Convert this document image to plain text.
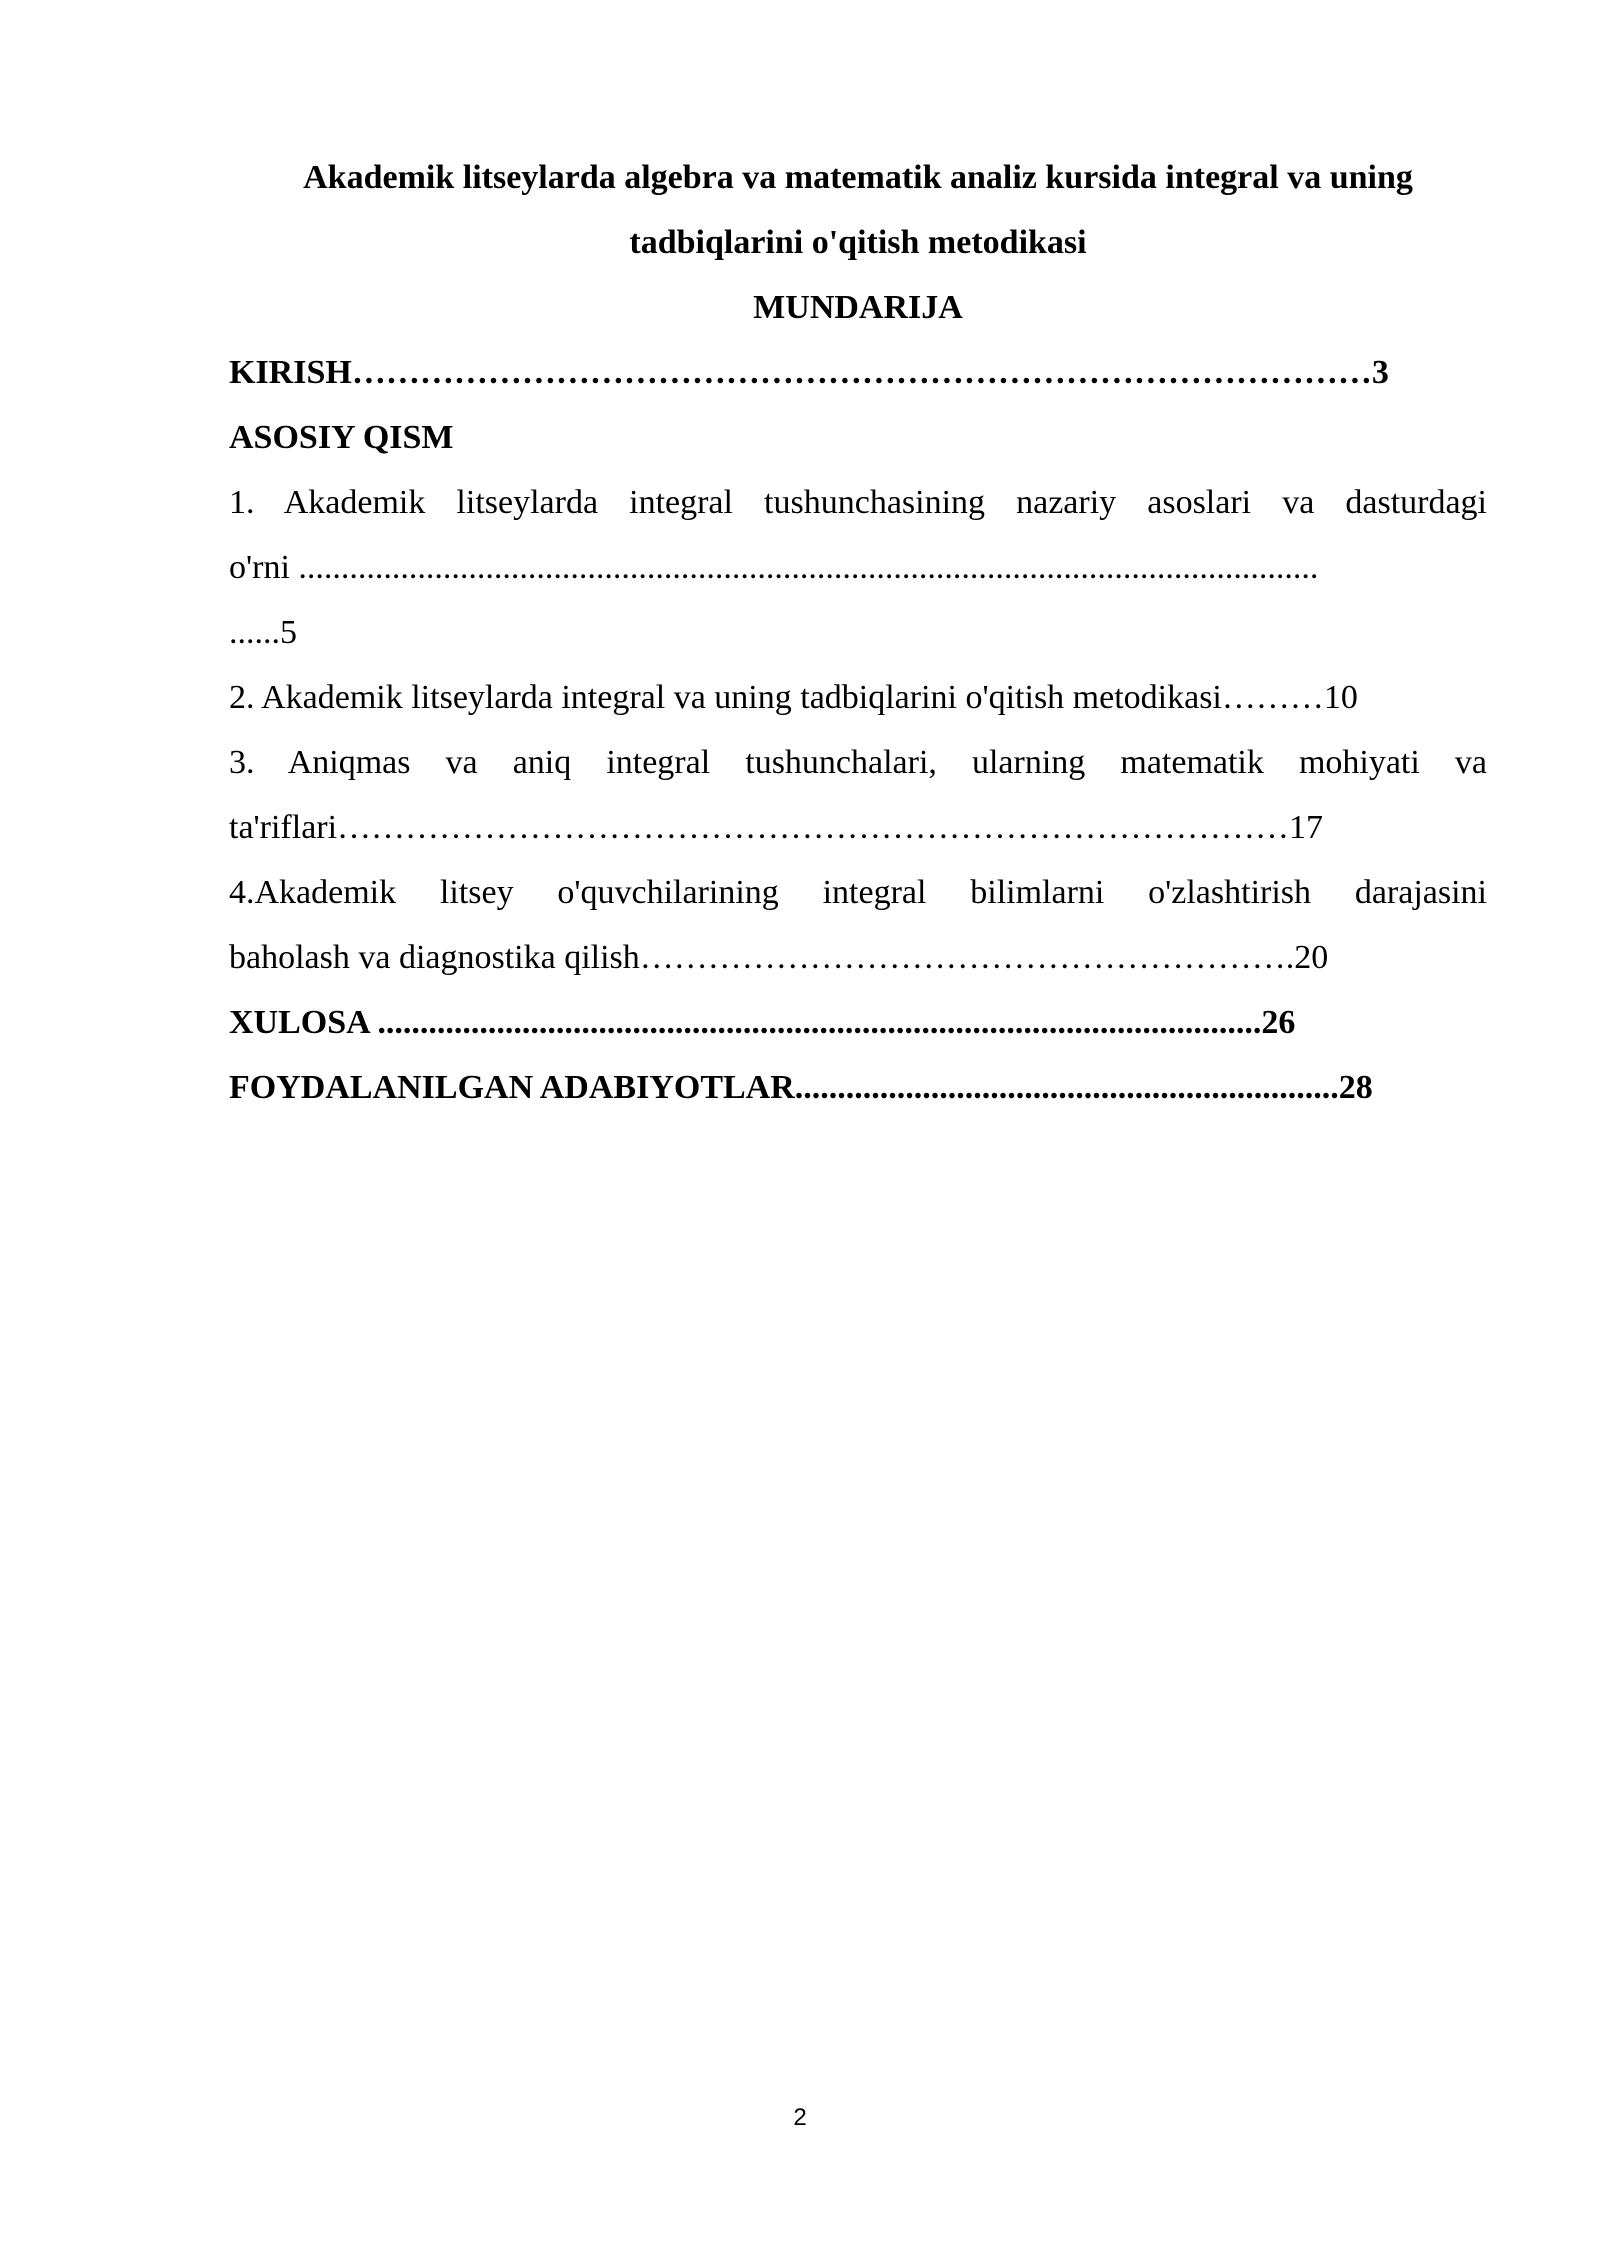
Akademik litseylarda algebra va matematik analiz kursida integral va uning
tadbiqlarini o'qitish metodikasi

MUNDARIJA

KIRISH………………………………………………………………………………3

ASOSIY QISM

1. Akademik litseylarda integral tushunchasining nazariy asoslari va dasturdagi

o'rni ........................................................................................................................

......5

2. Akademik litseylarda integral va uning tadbiqlarini o'qitish metodikasi………10

3. Aniqmas va aniq integral tushunchalari, ularning matematik mohiyati va

ta'riflari…………………………………………………………………………17

4.Akademik litsey o'quvchilarining integral bilimlarni o'zlashtirish darajasini

baholash va diagnostika qilish………………………………………………….20

XULOSA ........................................................................................................26

FOYDALANILGAN ADABIYOTLAR................................................................28

2
